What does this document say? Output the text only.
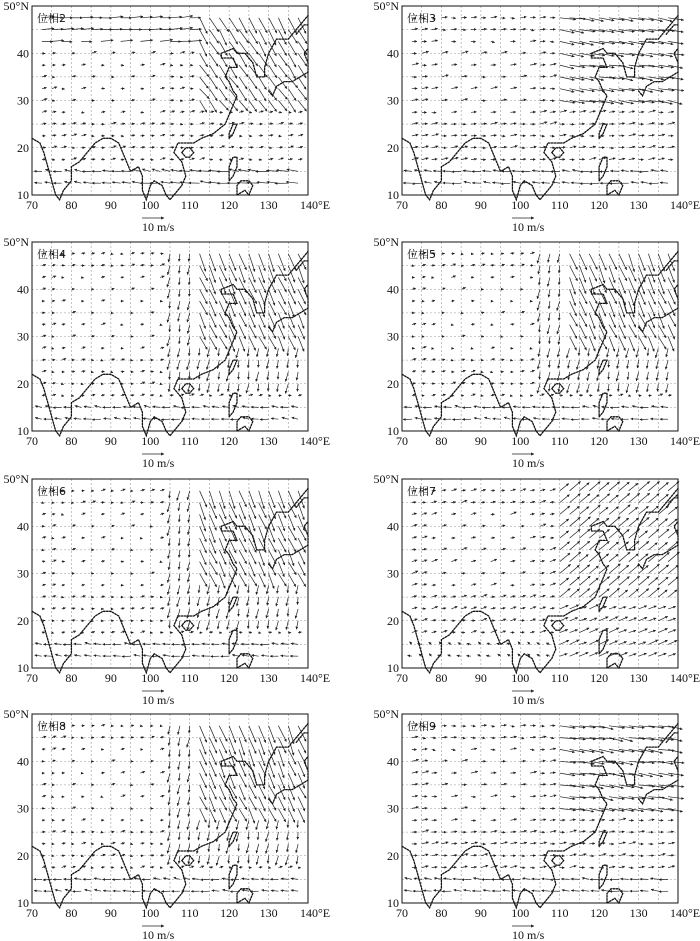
位相2
10
20
30
40
50°N
70 80 90 100 110 120 130 140°E
10 m/s
位相3
10
20
30
40
50°N
70 80 90 100 110 120 130 140°E
10 m/s
位相4
10
20
30
40
50°N
70 80 90 100 110 120 130 140°E
10 m/s
位相5
10
20
30
40
50°N
70 80 90 100 110 120 130 140°E
10 m/s
位相6
10
20
30
40
50°N
70 80 90 100 110 120 130 140°E
10 m/s
位相7
10
20
30
40
50°N
70 80 90 100 110 120 130 140°E
10 m/s
位相8
10
20
30
40
50°N
70 80 90 100 110 120 130 140°E
10 m/s
位相9
10
20
30
40
50°N
70 80 90 100 110 120 130 140°E
10 m/s
